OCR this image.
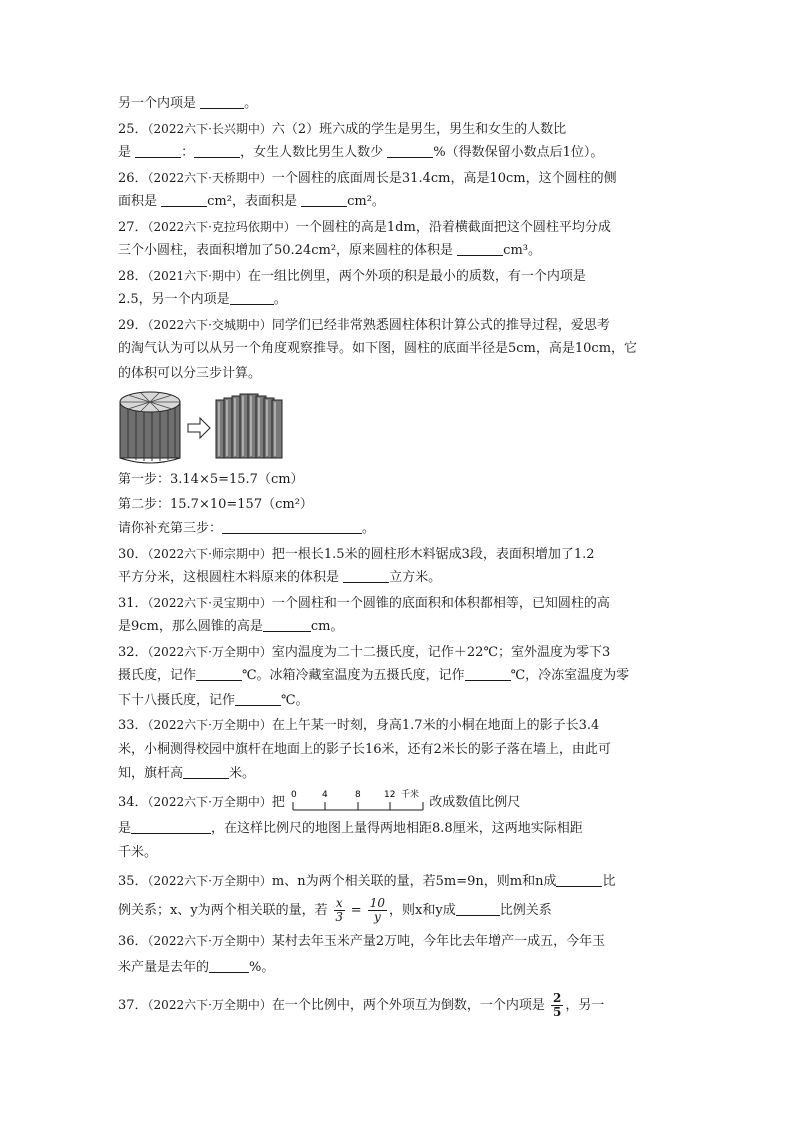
另一个内项是	。
25．（2022六下·长兴期中）六（2）班六成的学生是男生，男生和女生的人数比
是	：	，女生人数比男生人数少	%（得数保留小数点后1位）。
26．（2022六下·天桥期中）一个圆柱的底面周长是31.4cm，高是10cm，这个圆柱的侧
面积是	cm²，表面积是	cm²。
27．（2022六下·克拉玛依期中）一个圆柱的高是1dm，沿着横截面把这个圆柱平均分成
三个小圆柱，表面积增加了50.24cm²，原来圆柱的体积是	cm³。
28．（2021六下·期中）在一组比例里，两个外项的积是最小的质数，有一个内项是
2.5，另一个内项是	。
29．（2022六下·交城期中）同学们已经非常熟悉圆柱体积计算公式的推导过程，爱思考
的淘气认为可以从另一个角度观察推导。如下图，圆柱的底面半径是5cm，高是10cm，它
的体积可以分三步计算。
第一步：3.14×5=15.7（cm）
第二步：15.7×10=157（cm²）
请你补充第三步：	。
30．（2022六下·师宗期中）把一根长1.5米的圆柱形木料锯成3段，表面积增加了1.2
平方分米，这根圆柱木料原来的体积是	立方米。
31．（2022六下·灵宝期中）一个圆柱和一个圆锥的底面积和体积都相等，已知圆柱的高
是9cm，那么圆锥的高是	cm。
32．（2022六下·万全期中）室内温度为二十二摄氏度，记作＋22℃；室外温度为零下3
摄氏度，记作	℃。冰箱冷藏室温度为五摄氏度，记作	℃，冷冻室温度为零
下十八摄氏度，记作	℃。
33．（2022六下·万全期中）在上午某一时刻，身高1.7米的小桐在地面上的影子长3.4
米，小桐测得校园中旗杆在地面上的影子长16米，还有2米长的影子落在墙上，由此可
知，旗杆高	米。
34．（2022六下·万全期中）把 0	4	8	12 千米 改成数值比例尺
是	，在这样比例尺的地图上量得两地相距8.8厘米，这两地实际相距
千米。
35．（2022六下·万全期中）m、n为两个相关联的量，若5m=9n，则m和n成	比
例关系；x、y为两个相关联的量，若 $\frac{x}{3} = \frac{10}{y}$ ，则x和y成	比例关系
36．（2022六下·万全期中）某村去年玉米产量2万吨，今年比去年增产一成五，今年玉
米产量是去年的	%。
37．（2022六下·万全期中）在一个比例中，两个外项互为倒数，一个内项是 $\frac{2}{5}$ ，另一
